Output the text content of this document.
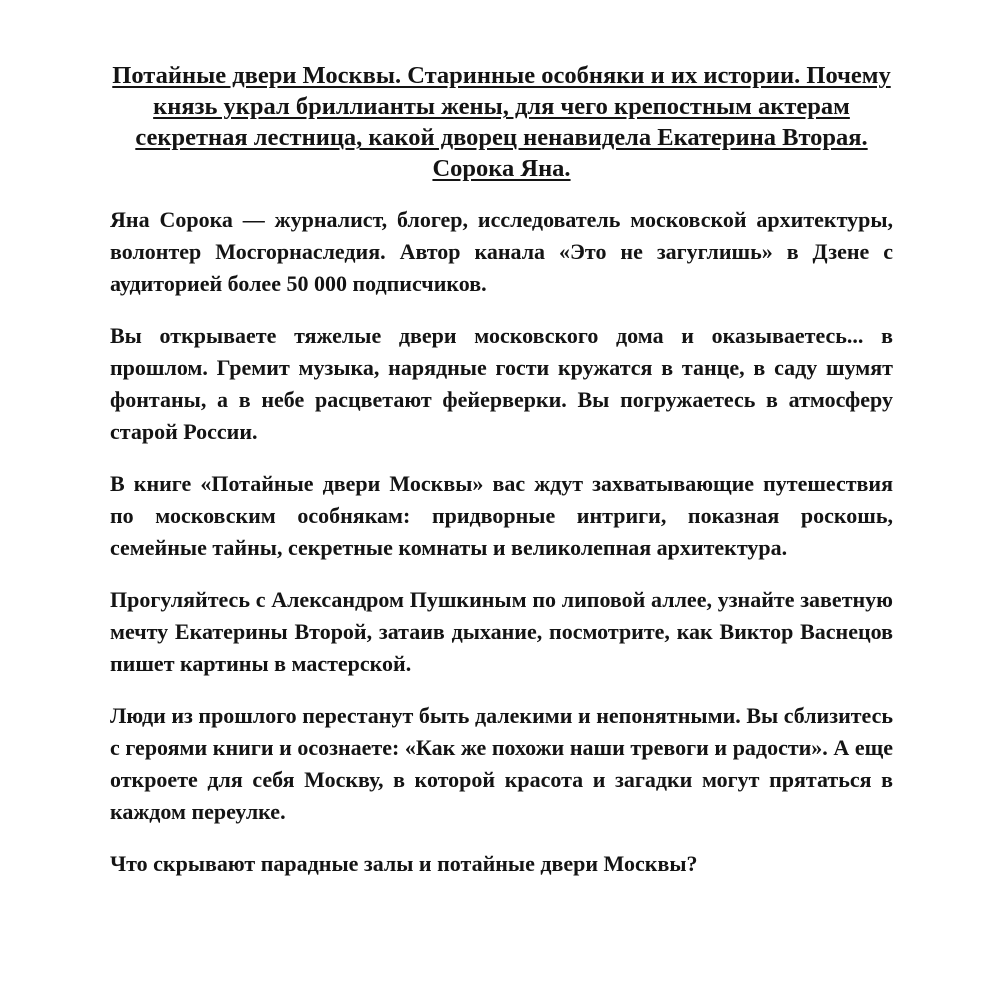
Потайные двери Москвы. Старинные особняки и их истории. Почему князь украл бриллианты жены, для чего крепостным актерам секретная лестница, какой дворец ненавидела Екатерина Вторая. Сорока Яна.

Яна Сорока — журналист, блогер, исследователь московской архитектуры, волонтер Мосгорнаследия. Автор канала «Это не загуглишь» в Дзене с аудиторией более 50 000 подписчиков.

Вы открываете тяжелые двери московского дома и оказываетесь... в прошлом. Гремит музыка, нарядные гости кружатся в танце, в саду шумят фонтаны, а в небе расцветают фейерверки. Вы погружаетесь в атмосферу старой России.

В книге «Потайные двери Москвы» вас ждут захватывающие путешествия по московским особнякам: придворные интриги, показная роскошь, семейные тайны, секретные комнаты и великолепная архитектура.

Прогуляйтесь с Александром Пушкиным по липовой аллее, узнайте заветную мечту Екатерины Второй, затаив дыхание, посмотрите, как Виктор Васнецов пишет картины в мастерской.

Люди из прошлого перестанут быть далекими и непонятными. Вы сблизитесь с героями книги и осознаете: «Как же похожи наши тревоги и радости». А еще откроете для себя Москву, в которой красота и загадки могут прятаться в каждом переулке.

Что скрывают парадные залы и потайные двери Москвы?
